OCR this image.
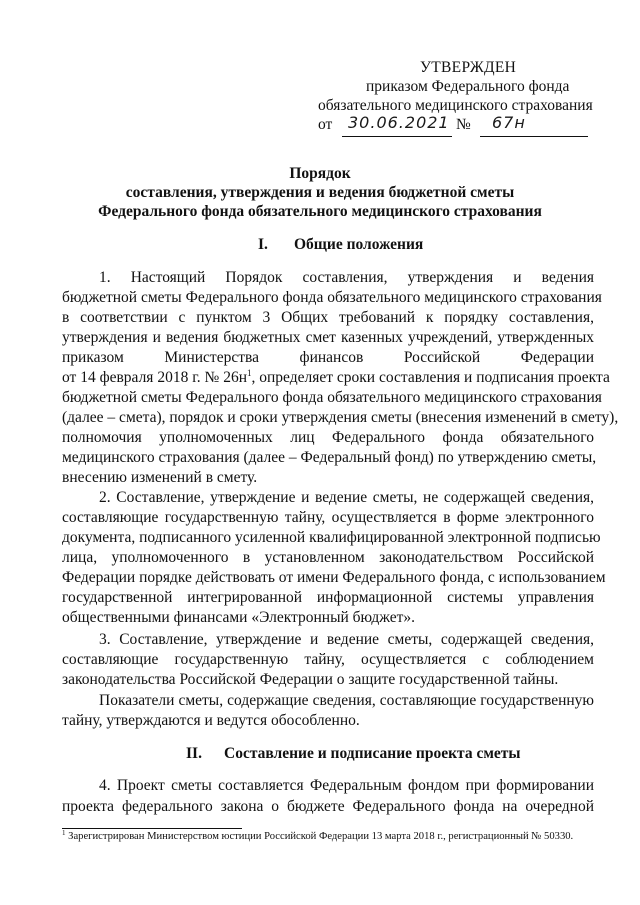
УТВЕРЖДЕН
приказом Федерального фонда
обязательного медицинского страхования
от
30.06.2021 №
67н
Порядок
составления, утверждения и ведения бюджетной сметы
Федерального фонда обязательного медицинского страхования
I. Общие положения
1. Настоящий Порядок составления, утверждения и ведения
бюджетной сметы Федерального фонда обязательного медицинского страхования
в соответствии с пунктом 3 Общих требований к порядку составления,
утверждения и ведения бюджетных смет казенных учреждений, утвержденных
приказом Министерства финансов Российской Федерации
от 14 февраля 2018 г. № $26н^1$, определяет сроки составления и подписания проекта
бюджетной сметы Федерального фонда обязательного медицинского страхования
(далее – смета), порядок и сроки утверждения сметы (внесения изменений в смету),
полномочия уполномоченных лиц Федерального фонда обязательного
медицинского страхования (далее – Федеральный фонд) по утверждению сметы,
внесению изменений в смету.
2. Составление, утверждение и ведение сметы, не содержащей сведения,
составляющие государственную тайну, осуществляется в форме электронного
документа, подписанного усиленной квалифицированной электронной подписью
лица, уполномоченного в установленном законодательством Российской
Федерации порядке действовать от имени Федерального фонда, с использованием
государственной интегрированной информационной системы управления
общественными финансами «Электронный бюджет».
3. Составление, утверждение и ведение сметы, содержащей сведения,
составляющие государственную тайну, осуществляется с соблюдением
законодательства Российской Федерации о защите государственной тайны.
Показатели сметы, содержащие сведения, составляющие государственную
тайну, утверждаются и ведутся обособленно.
II. Составление и подписание проекта сметы
4. Проект сметы составляется Федеральным фондом при формировании
проекта федерального закона о бюджете Федерального фонда на очередной
$^1$ Зарегистрирован Министерством юстиции Российской Федерации 13 марта 2018 г., регистрационный № 50330.
